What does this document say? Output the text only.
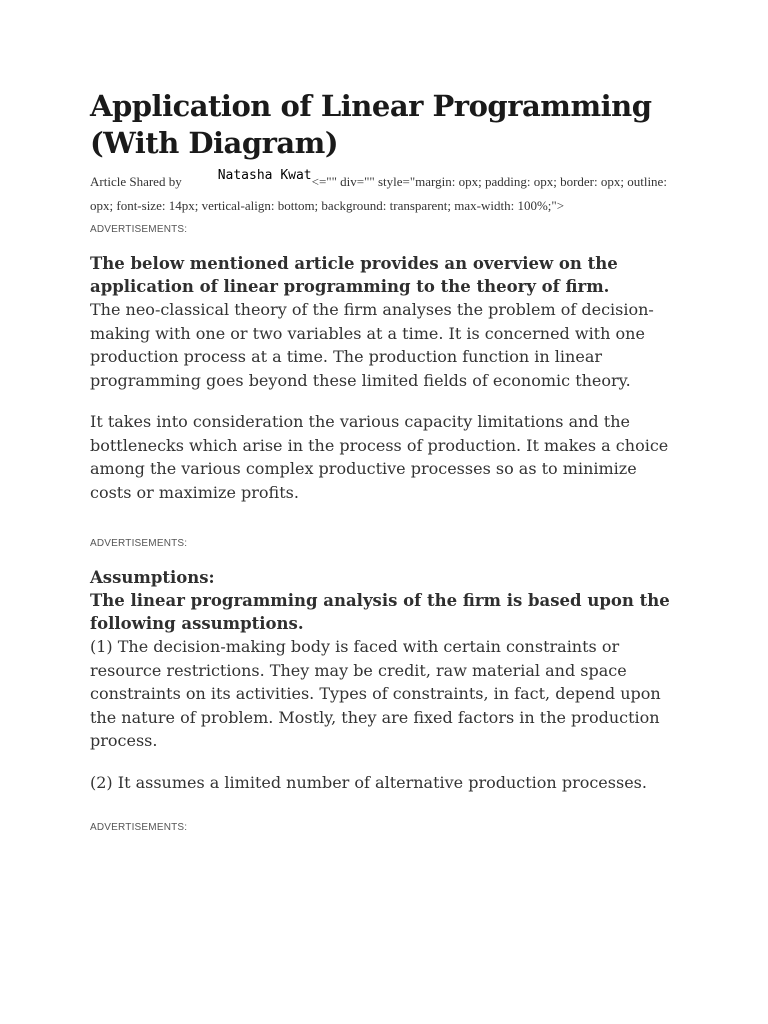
Application of Linear Programming (With Diagram)

Article Shared by	Natasha Kwat<="" div="" style="margin: opx; padding: opx; border: opx; outline: opx; font-size: 14px; vertical-align: bottom; background: transparent; max-width: 100%;">

ADVERTISEMENTS:

The below mentioned article provides an overview on the application of linear programming to the theory of firm.

The neo-classical theory of the firm analyses the problem of decision-making with one or two variables at a time. It is concerned with one production process at a time. The production function in linear programming goes beyond these limited fields of economic theory.

It takes into consideration the various capacity limitations and the bottlenecks which arise in the process of production. It makes a choice among the various complex productive processes so as to minimize costs or maximize profits.

ADVERTISEMENTS:

Assumptions:

The linear programming analysis of the firm is based upon the following assumptions.

(1) The decision-making body is faced with certain constraints or resource restrictions. They may be credit, raw material and space constraints on its activities. Types of constraints, in fact, depend upon the nature of problem. Mostly, they are fixed factors in the production process.

(2) It assumes a limited number of alternative production processes.

ADVERTISEMENTS:
